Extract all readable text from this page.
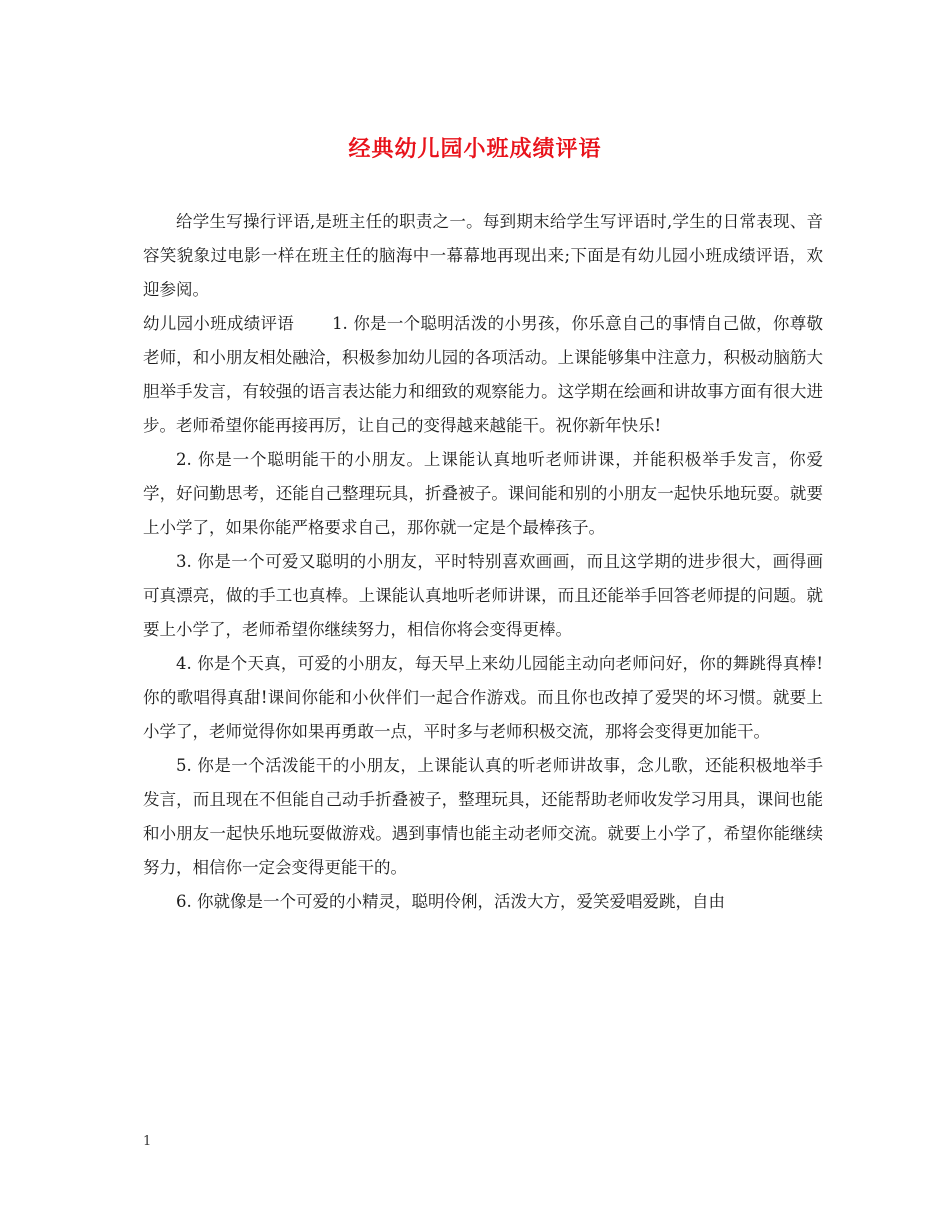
经典幼儿园小班成绩评语

给学生写操行评语,是班主任的职责之一。每到期末给学生写评语时,学生的日常表现、音容笑貌象过电影一样在班主任的脑海中一幕幕地再现出来;下面是有幼儿园小班成绩评语，欢迎参阅。

幼儿园小班成绩评语 1. 你是一个聪明活泼的小男孩，你乐意自己的事情自己做，你尊敬老师，和小朋友相处融洽，积极参加幼儿园的各项活动。上课能够集中注意力，积极动脑筋大胆举手发言，有较强的语言表达能力和细致的观察能力。这学期在绘画和讲故事方面有很大进步。老师希望你能再接再厉，让自己的变得越来越能干。祝你新年快乐!

2. 你是一个聪明能干的小朋友。上课能认真地听老师讲课，并能积极举手发言，你爱学，好问勤思考，还能自己整理玩具，折叠被子。课间能和别的小朋友一起快乐地玩耍。就要上小学了，如果你能严格要求自己，那你就一定是个最棒孩子。

3. 你是一个可爱又聪明的小朋友，平时特别喜欢画画，而且这学期的进步很大，画得画可真漂亮，做的手工也真棒。上课能认真地听老师讲课，而且还能举手回答老师提的问题。就要上小学了，老师希望你继续努力，相信你将会变得更棒。

4. 你是个天真，可爱的小朋友，每天早上来幼儿园能主动向老师问好，你的舞跳得真棒!你的歌唱得真甜!课间你能和小伙伴们一起合作游戏。而且你也改掉了爱哭的坏习惯。就要上小学了，老师觉得你如果再勇敢一点，平时多与老师积极交流，那将会变得更加能干。

5. 你是一个活泼能干的小朋友，上课能认真的听老师讲故事，念儿歌，还能积极地举手发言，而且现在不但能自己动手折叠被子，整理玩具，还能帮助老师收发学习用具，课间也能和小朋友一起快乐地玩耍做游戏。遇到事情也能主动老师交流。就要上小学了，希望你能继续努力，相信你一定会变得更能干的。

6. 你就像是一个可爱的小精灵，聪明伶俐，活泼大方，爱笑爱唱爱跳，自由

1
